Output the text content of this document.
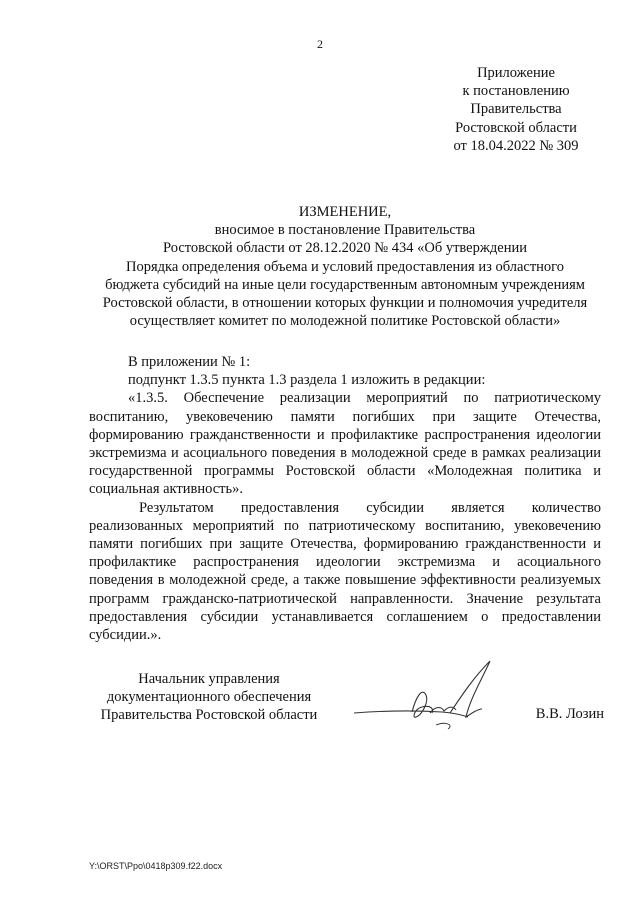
2
Приложение
к постановлению
Правительства
Ростовской области
от 18.04.2022 № 309
ИЗМЕНЕНИЕ,
вносимое в постановление Правительства
Ростовской области от 28.12.2020 № 434 «Об утверждении
Порядка определения объема и условий предоставления из областного
бюджета субсидий на иные цели государственным автономным учреждениям
Ростовской области, в отношении которых функции и полномочия учредителя
осуществляет комитет по молодежной политике Ростовской области»

В приложении № 1:

подпункт 1.3.5 пункта 1.3 раздела 1 изложить в редакции:

«1.3.5. Обеспечение реализации мероприятий по патриотическому воспитанию, увековечению памяти погибших при защите Отечества, формированию гражданственности и профилактике распространения идеологии экстремизма и асоциального поведения в молодежной среде в рамках реализации государственной программы Ростовской области «Молодежная политика и социальная активность».

Результатом предоставления субсидии является количество реализованных мероприятий по патриотическому воспитанию, увековечению памяти погибших при защите Отечества, формированию гражданственности и профилактике распространения идеологии экстремизма и асоциального поведения в молодежной среде, а также повышение эффективности реализуемых программ гражданско-патриотической направленности. Значение результата предоставления субсидии устанавливается соглашением о предоставлении субсидии.».

Начальник управления
документационного обеспечения
Правительства Ростовской области	В.В. Лозин
Y:\ORST\Ppo\0418p309.f22.docx
